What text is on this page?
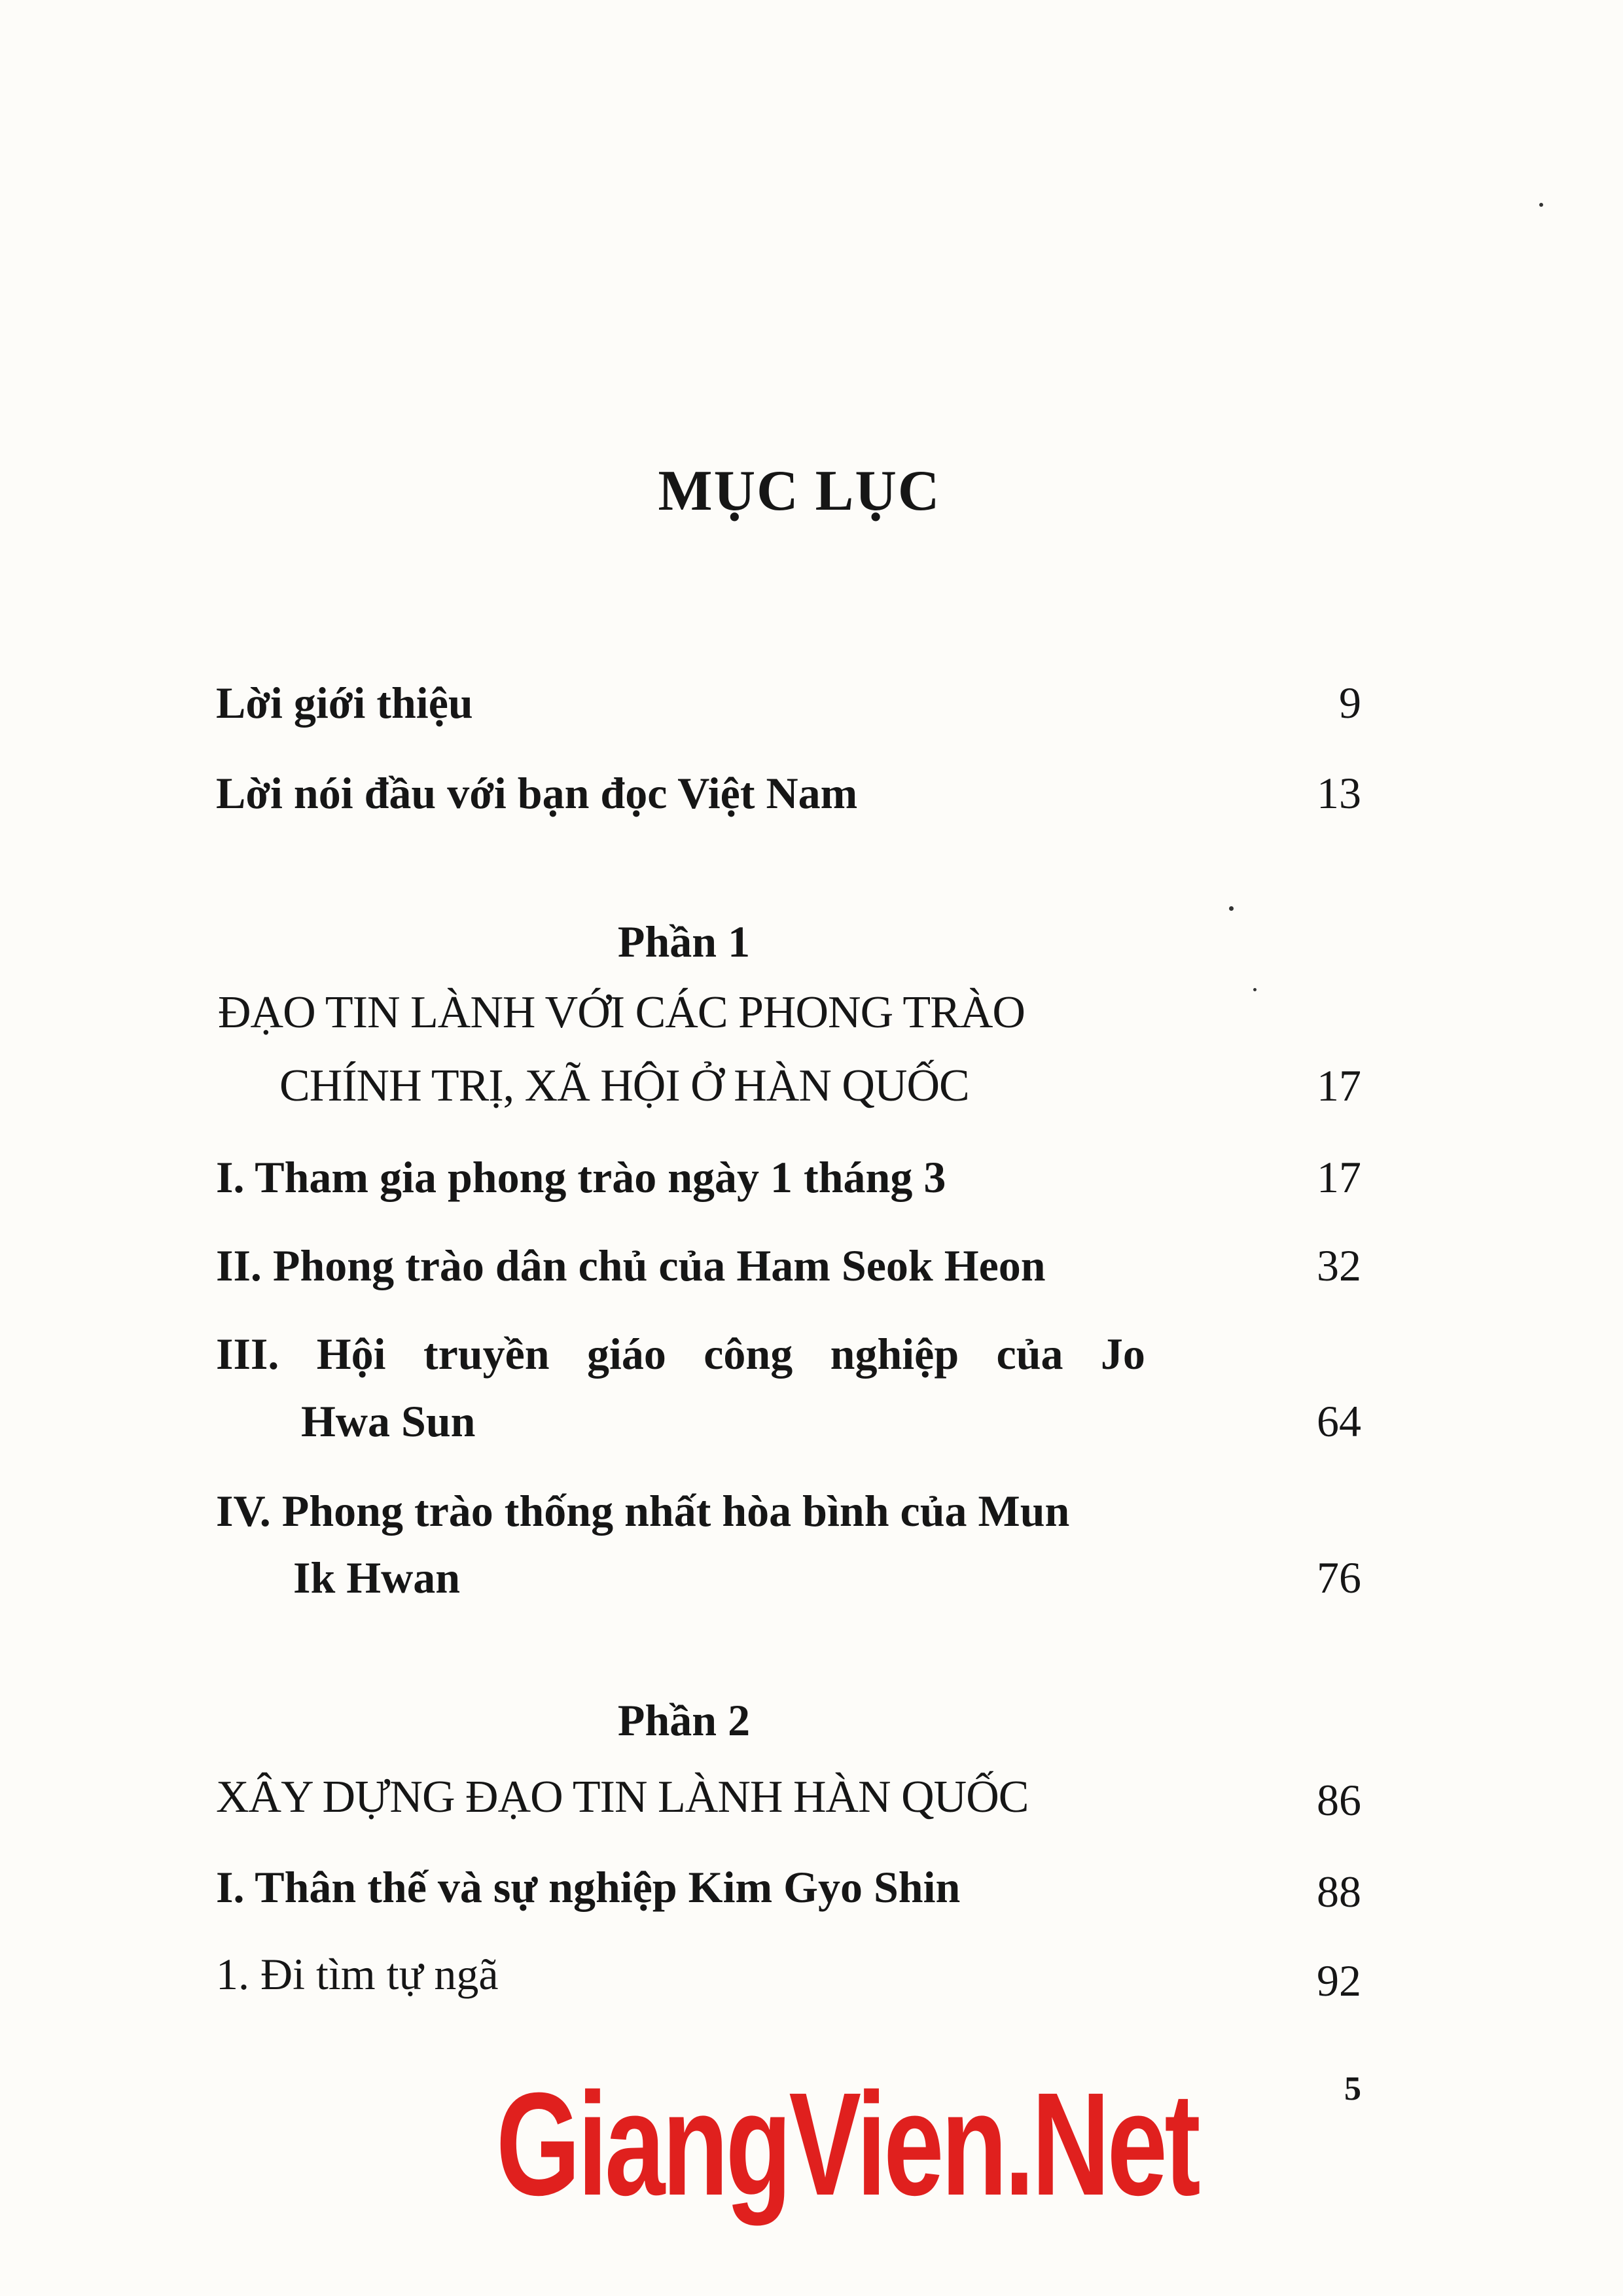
MỤC LỤC
Lời giới thiệu	9
Lời nói đầu với bạn đọc Việt Nam	13
Phần 1
ĐẠO TIN LÀNH VỚI CÁC PHONG TRÀO
CHÍNH TRỊ, XÃ HỘI Ở HÀN QUỐC	17
I. Tham gia phong trào ngày 1 tháng 3	17
II. Phong trào dân chủ của Ham Seok Heon	32
III. Hội truyền giáo công nghiệp của Jo
Hwa Sun	64
IV. Phong trào thống nhất hòa bình của Mun
Ik Hwan	76
Phần 2
XÂY DỰNG ĐẠO TIN LÀNH HÀN QUỐC	86
I. Thân thế và sự nghiệp Kim Gyo Shin	88
1. Đi tìm tự ngã	92
5
GiangVien.Net
